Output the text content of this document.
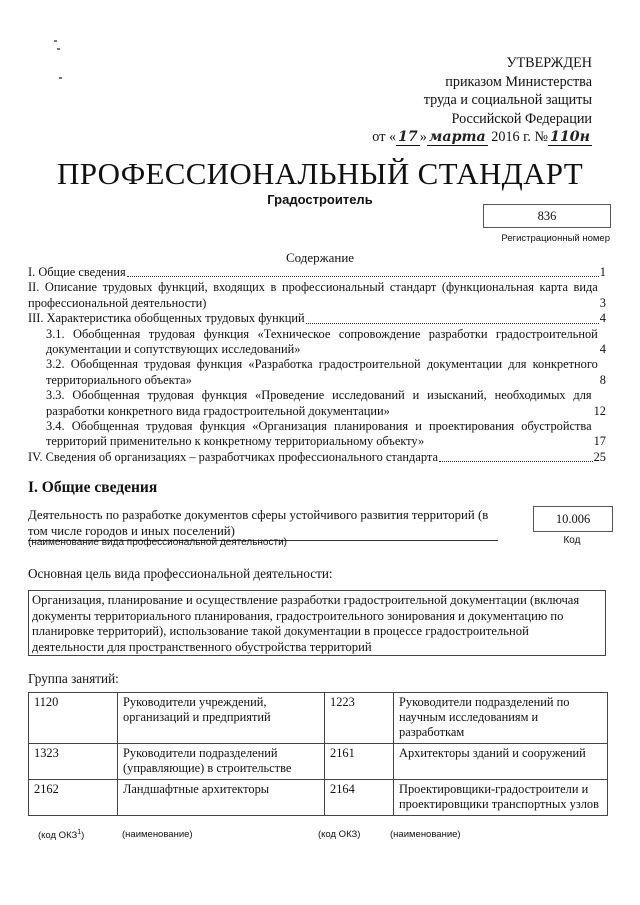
УТВЕРЖДЕН
приказом Министерства
труда и социальной защиты
Российской Федерации
от « 17 » марта 2016 г. № 110н
ПРОФЕССИОНАЛЬНЫЙ СТАНДАРТ
Градостроитель
836
Регистрационный номер
Содержание
I. Общие сведения	1
II. Описание трудовых функций, входящих в профессиональный стандарт (функциональная карта вида профессиональной деятельности)	3
III. Характеристика обобщенных трудовых функций	4
3.1. Обобщенная трудовая функция «Техническое сопровождение разработки градостроительной документации и сопутствующих исследований»	4
3.2. Обобщенная трудовая функция «Разработка градостроительной документации для конкретного территориального объекта»	8
3.3. Обобщенная трудовая функция «Проведение исследований и изысканий, необходимых для разработки конкретного вида градостроительной документации»	12
3.4. Обобщенная трудовая функция «Организация планирования и проектирования обустройства территорий применительно к конкретному территориальному объекту»	17
IV. Сведения об организациях – разработчиках профессионального стандарта	25
I. Общие сведения
Деятельность по разработке документов сферы устойчивого развития территорий (в том числе городов и иных поселений)
10.006
(наименование вида профессиональной деятельности)	Код
Основная цель вида профессиональной деятельности:
Организация, планирование и осуществление разработки градостроительной документации (включая документы территориального планирования, градостроительного зонирования и документацию по планировке территорий), использование такой документации в процессе градостроительной деятельности для пространственного обустройства территорий
Группа занятий:
1120	Руководители учреждений, организаций и предприятий	1223	Руководители подразделений по научным исследованиям и разработкам
1323	Руководители подразделений (управляющие) в строительстве	2161	Архитекторы зданий и сооружений
2162	Ландшафтные архитекторы	2164	Проектировщики-градостроители и проектировщики транспортных узлов
(код ОКЗ$^1$)	(наименование)	(код ОКЗ)	(наименование)
